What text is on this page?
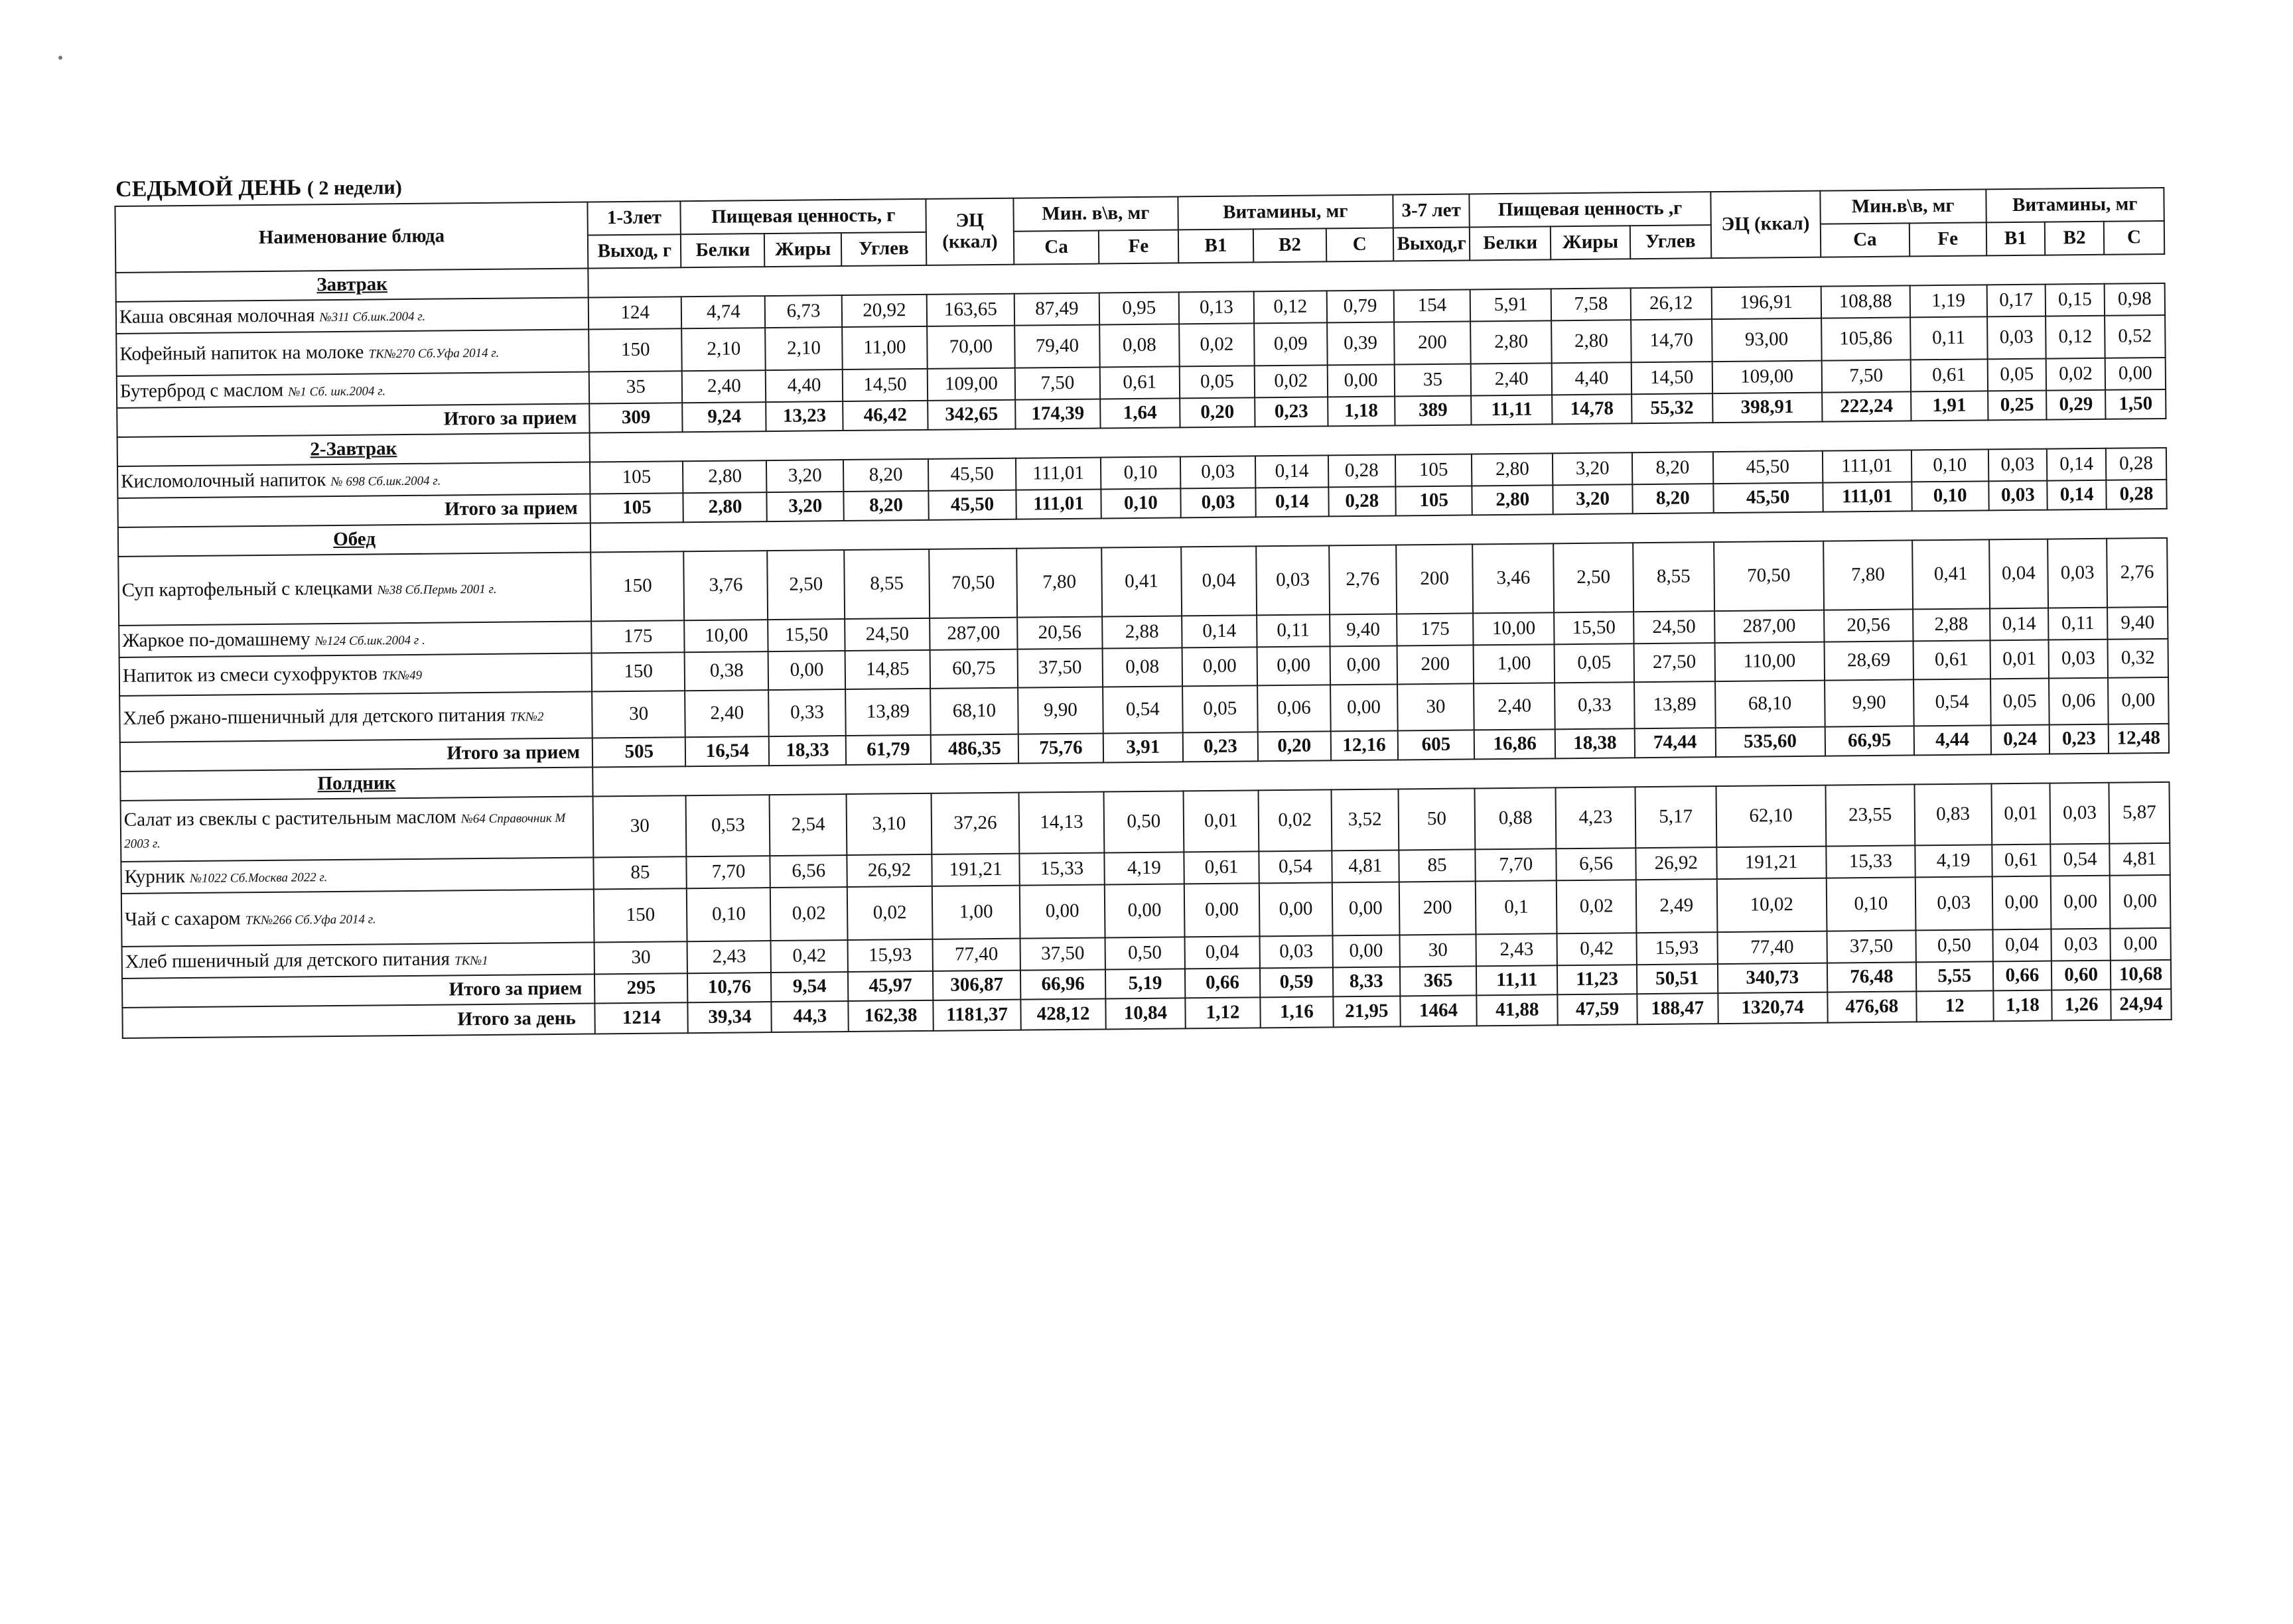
СЕДЬМОЙ ДЕНЬ ( 2 недели)
Наименование блюда	1-3лет	Пищевая ценность, г			ЭЦ
(ккал)	Мин. в\в, мг		Витамины, мг			3-7 лет	Пищевая ценность ,г			ЭЦ (ккал)	Мин.в\в, мг		Витамины, мг		
	Выход, г	Белки	Жиры	Углев		Ca	Fe	В1	В2	С	Выход,г	Белки	Жиры	Углев		Ca	Fe	В1	В2	С
Завтрак																				
Каша овсяная молочная №311 Сб.шк.2004 г.	124	4,74	6,73	20,92	163,65	87,49	0,95	0,13	0,12	0,79	154	5,91	7,58	26,12	196,91	108,88	1,19	0,17	0,15	0,98
Кофейный напиток на молоке ТК№270 Сб.Уфа 2014 г.	150	2,10	2,10	11,00	70,00	79,40	0,08	0,02	0,09	0,39	200	2,80	2,80	14,70	93,00	105,86	0,11	0,03	0,12	0,52
Бутерброд с маслом №1 Сб. шк.2004 г.	35	2,40	4,40	14,50	109,00	7,50	0,61	0,05	0,02	0,00	35	2,40	4,40	14,50	109,00	7,50	0,61	0,05	0,02	0,00
Итого за прием	309	9,24	13,23	46,42	342,65	174,39	1,64	0,20	0,23	1,18	389	11,11	14,78	55,32	398,91	222,24	1,91	0,25	0,29	1,50
2-Завтрак																				
Кисломолочный напиток № 698 Сб.шк.2004 г.	105	2,80	3,20	8,20	45,50	111,01	0,10	0,03	0,14	0,28	105	2,80	3,20	8,20	45,50	111,01	0,10	0,03	0,14	0,28
Итого за прием	105	2,80	3,20	8,20	45,50	111,01	0,10	0,03	0,14	0,28	105	2,80	3,20	8,20	45,50	111,01	0,10	0,03	0,14	0,28
Обед																				
Суп картофельный с клецками №38 Сб.Пермь 2001 г.	150	3,76	2,50	8,55	70,50	7,80	0,41	0,04	0,03	2,76	200	3,46	2,50	8,55	70,50	7,80	0,41	0,04	0,03	2,76
Жаркое по-домашнему №124 Сб.шк.2004 г .	175	10,00	15,50	24,50	287,00	20,56	2,88	0,14	0,11	9,40	175	10,00	15,50	24,50	287,00	20,56	2,88	0,14	0,11	9,40
Напиток из смеси сухофруктов ТК№49	150	0,38	0,00	14,85	60,75	37,50	0,08	0,00	0,00	0,00	200	1,00	0,05	27,50	110,00	28,69	0,61	0,01	0,03	0,32
Хлеб ржано-пшеничный для детского питания ТК№2	30	2,40	0,33	13,89	68,10	9,90	0,54	0,05	0,06	0,00	30	2,40	0,33	13,89	68,10	9,90	0,54	0,05	0,06	0,00
Итого за прием	505	16,54	18,33	61,79	486,35	75,76	3,91	0,23	0,20	12,16	605	16,86	18,38	74,44	535,60	66,95	4,44	0,24	0,23	12,48
Полдник																				
Салат из свеклы с растительным маслом №64 Справочник М 2003 г.	30	0,53	2,54	3,10	37,26	14,13	0,50	0,01	0,02	3,52	50	0,88	4,23	5,17	62,10	23,55	0,83	0,01	0,03	5,87
Курник №1022 Сб.Москва 2022 г.	85	7,70	6,56	26,92	191,21	15,33	4,19	0,61	0,54	4,81	85	7,70	6,56	26,92	191,21	15,33	4,19	0,61	0,54	4,81
Чай с сахаром ТК№266 Сб.Уфа 2014 г.	150	0,10	0,02	0,02	1,00	0,00	0,00	0,00	0,00	0,00	200	0,1	0,02	2,49	10,02	0,10	0,03	0,00	0,00	0,00
Хлеб пшеничный для детского питания ТК№1	30	2,43	0,42	15,93	77,40	37,50	0,50	0,04	0,03	0,00	30	2,43	0,42	15,93	77,40	37,50	0,50	0,04	0,03	0,00
Итого за прием	295	10,76	9,54	45,97	306,87	66,96	5,19	0,66	0,59	8,33	365	11,11	11,23	50,51	340,73	76,48	5,55	0,66	0,60	10,68
Итого за день	1214	39,34	44,3	162,38	1181,37	428,12	10,84	1,12	1,16	21,95	1464	41,88	47,59	188,47	1320,74	476,68	12	1,18	1,26	24,94
